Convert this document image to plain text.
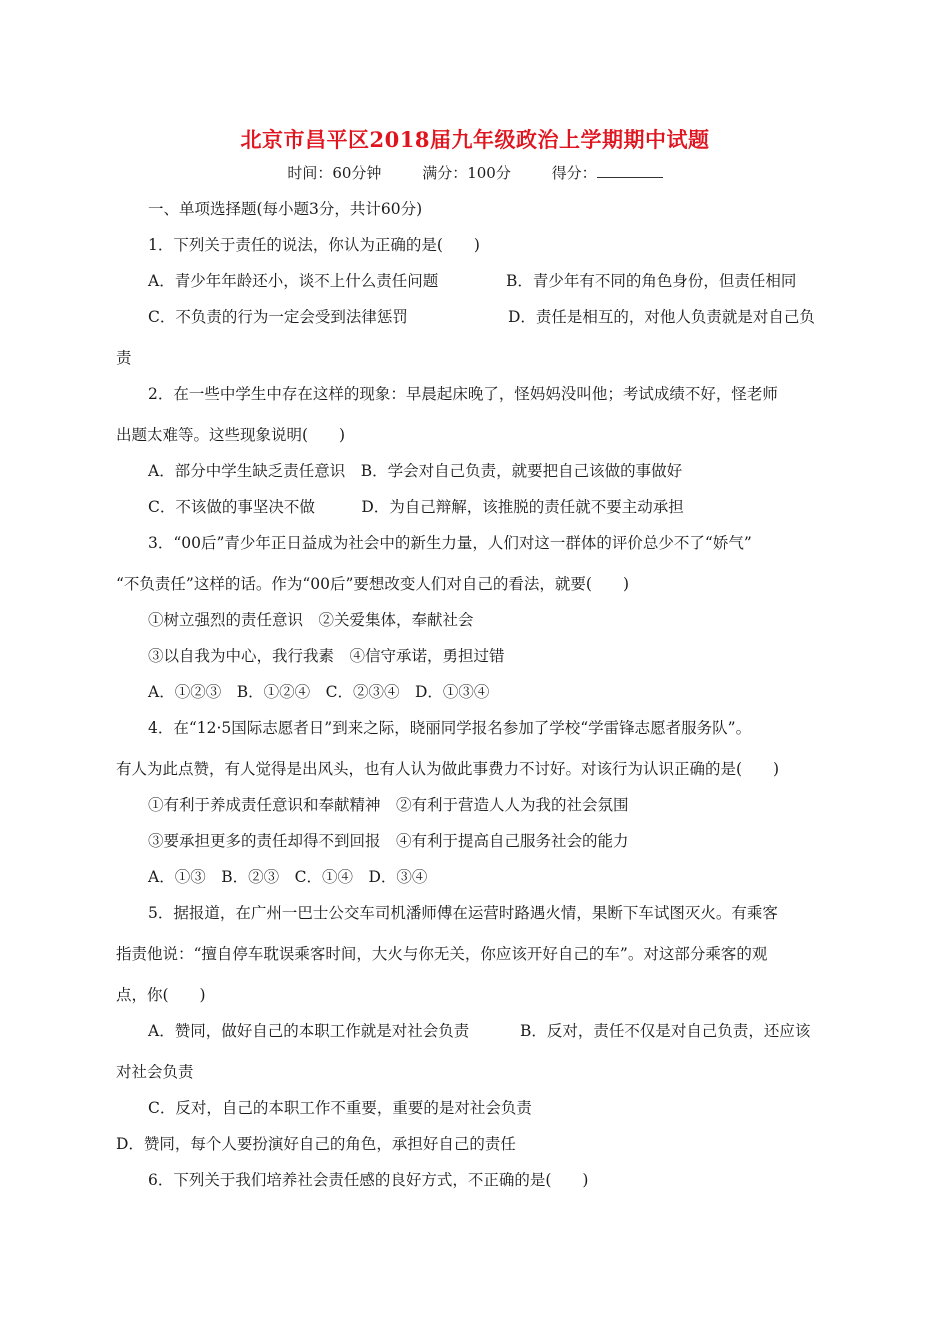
北京市昌平区2018届九年级政治上学期期中试题
时间：60分钟	满分：100分	得分：
一、单项选择题(每小题3分，共计60分)
1．下列关于责任的说法，你认为正确的是(　　)
A．青少年年龄还小，谈不上什么责任问题	B．青少年有不同的角色身份，但责任相同
C．不负责的行为一定会受到法律惩罚	D．责任是相互的，对他人负责就是对自己负
责
2．在一些中学生中存在这样的现象：早晨起床晚了，怪妈妈没叫他；考试成绩不好，怪老师
出题太难等。这些现象说明(　　)
A．部分中学生缺乏责任意识　B．学会对自己负责，就要把自己该做的事做好
C．不该做的事坚决不做　　　D．为自己辩解，该推脱的责任就不要主动承担
3．“00后”青少年正日益成为社会中的新生力量，人们对这一群体的评价总少不了“娇气”
“不负责任”这样的话。作为“00后”要想改变人们对自己的看法，就要(　　)
①树立强烈的责任意识　②关爱集体，奉献社会
③以自我为中心，我行我素　④信守承诺，勇担过错
A．①②③　B．①②④　C．②③④　D．①③④
4．在“12·5国际志愿者日”到来之际，晓丽同学报名参加了学校“学雷锋志愿者服务队”。
有人为此点赞，有人觉得是出风头，也有人认为做此事费力不讨好。对该行为认识正确的是(　　)
①有利于养成责任意识和奉献精神　②有利于营造人人为我的社会氛围
③要承担更多的责任却得不到回报　④有利于提高自己服务社会的能力
A．①③　B．②③　C．①④　D．③④
5．据报道，在广州一巴士公交车司机潘师傅在运营时路遇火情，果断下车试图灭火。有乘客
指责他说：“擅自停车耽误乘客时间，大火与你无关，你应该开好自己的车”。对这部分乘客的观
点，你(　　)
A．赞同，做好自己的本职工作就是对社会负责	B．反对，责任不仅是对自己负责，还应该
对社会负责
C．反对，自己的本职工作不重要，重要的是对社会负责
D．赞同，每个人要扮演好自己的角色，承担好自己的责任
6．下列关于我们培养社会责任感的良好方式，不正确的是(　　)
